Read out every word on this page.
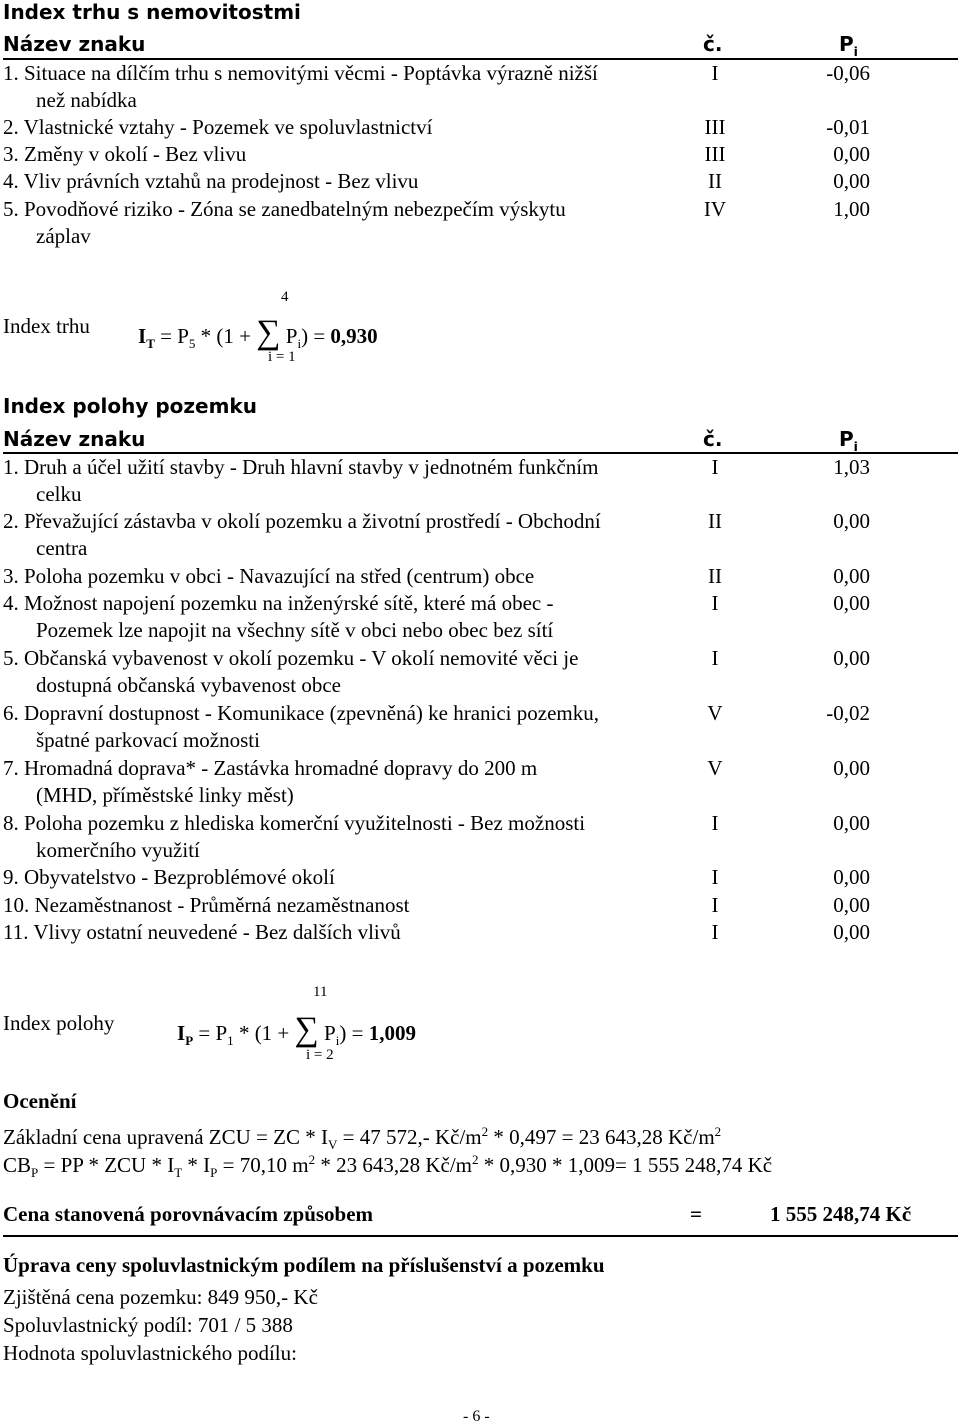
Index trhu s nemovitostmi
Název znaku	č.	$P_i$
1. Situace na dílčím trhu s nemovitými věcmi - Poptávka výrazně nižší
než nabídka
I	-0,06
2. Vlastnické vztahy - Pozemek ve spoluvlastnictví	III	-0,01
3. Změny v okolí - Bez vlivu	III	0,00
4. Vliv právních vztahů na prodejnost - Bez vlivu	II	0,00
5. Povodňové riziko - Zóna se zanedbatelným nebezpečím výskytu
záplav
IV	1,00
Index trhu
4
i = 1
$I_T = P_5 * (1$ + ∑ $P_i) = 0,930$
Index polohy pozemku
Název znaku	č.	$P_i$
1. Druh a účel užití stavby - Druh hlavní stavby v jednotném funkčním
celku
I	1,03
2. Převažující zástavba v okolí pozemku a životní prostředí - Obchodní
centra
II	0,00
3. Poloha pozemku v obci - Navazující na střed (centrum) obce	II	0,00
4. Možnost napojení pozemku na inženýrské sítě, které má obec -
Pozemek lze napojit na všechny sítě v obci nebo obec bez sítí
I	0,00
5. Občanská vybavenost v okolí pozemku - V okolí nemovité věci je
dostupná občanská vybavenost obce
I	0,00
6. Dopravní dostupnost - Komunikace (zpevněná) ke hranici pozemku,
špatné parkovací možnosti
V	-0,02
7. Hromadná doprava* - Zastávka hromadné dopravy do 200 m
(MHD, příměstské linky měst)
V	0,00
8. Poloha pozemku z hlediska komerční využitelnosti - Bez možnosti
komerčního využití
I	0,00
9. Obyvatelstvo - Bezproblémové okolí	I	0,00
10. Nezaměstnanost - Průměrná nezaměstnanost	I	0,00
11. Vlivy ostatní neuvedené - Bez dalších vlivů	I	0,00
Index polohy
11
i = 2
$I_P = P_1 * (1$ + ∑ $P_i) = 1,009$
Ocenění
Základní cena upravená ZCU = ZC * $I_V = 47$ 572,- $Kč/m^2 * 0,497 = 23$ 643,28 $Kč/m^2$
$CB_P$ = PP * ZCU * $I_T * I_P = 70,10$ $m^2 * 23$ 643,28 $Kč/m^2 * 0,930 * 1,009= 1$ 555 248,74 Kč
Cena stanovená porovnávacím způsobem	=	1 555 248,74 Kč
Úprava ceny spoluvlastnickým podílem na příslušenství a pozemku
Zjištěná cena pozemku: 849 950,- Kč
Spoluvlastnický podíl: 701 / 5 388
Hodnota spoluvlastnického podílu:
- 6 -
